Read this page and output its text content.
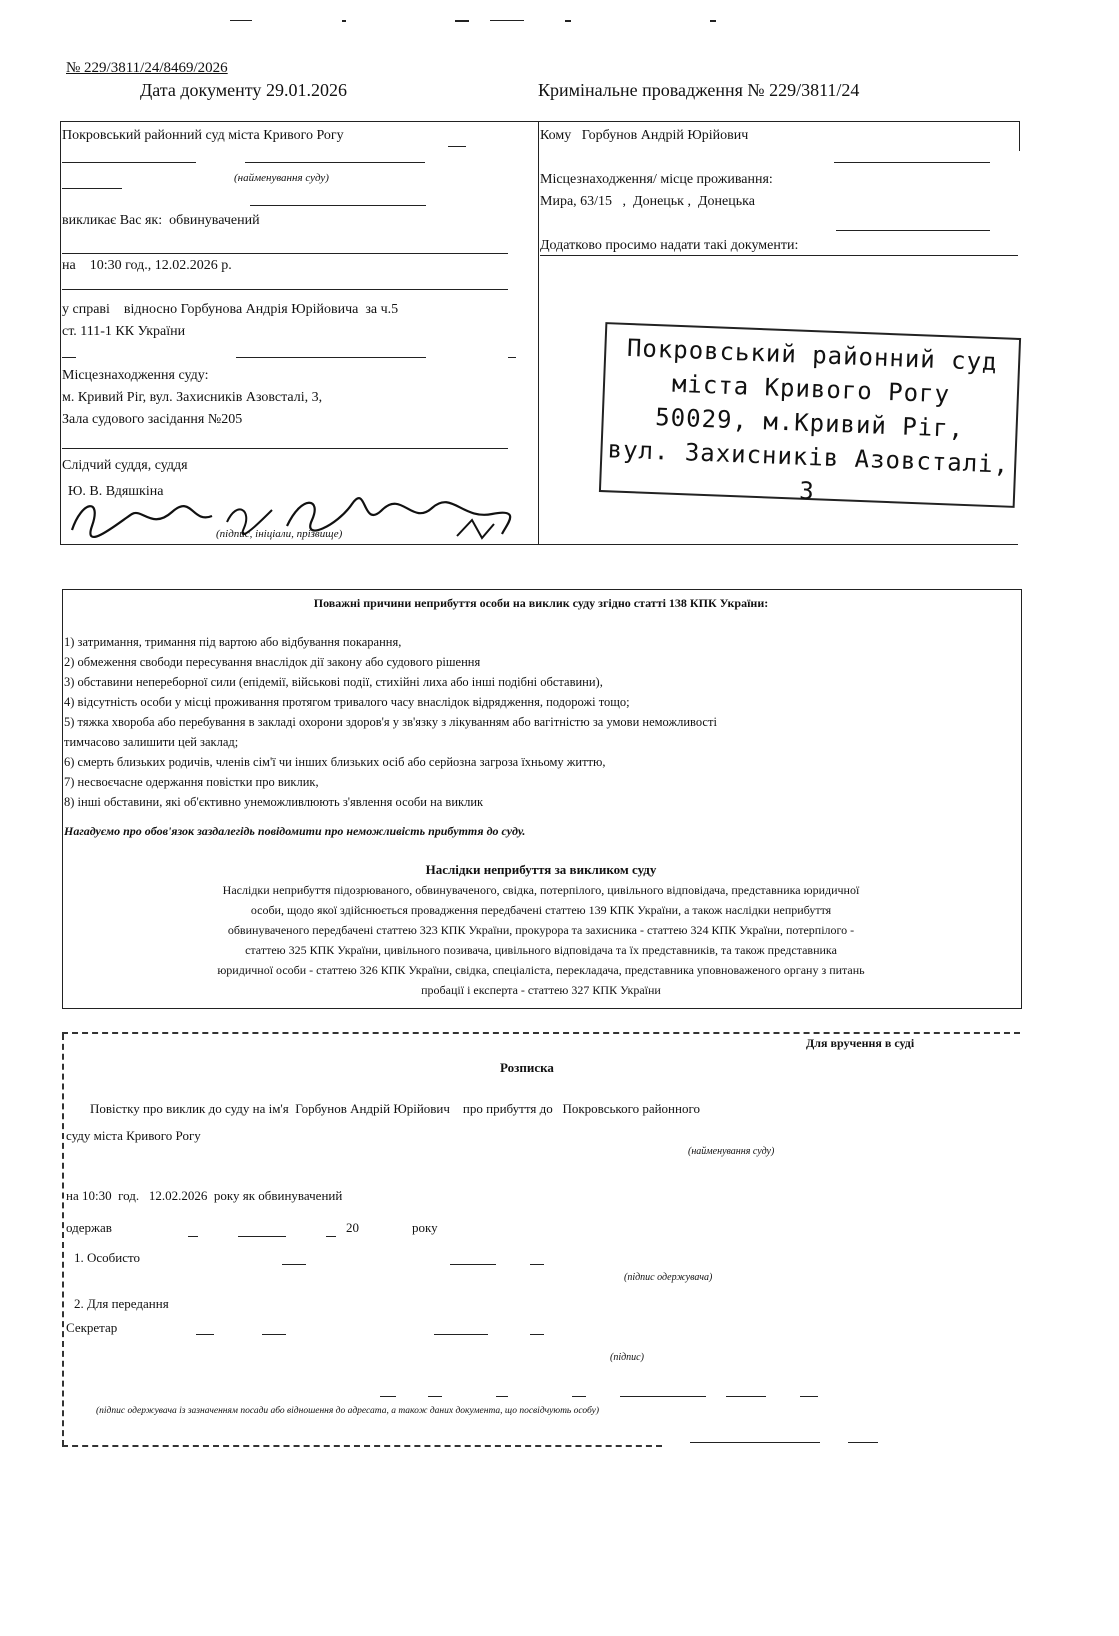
№ 229/3811/24/8469/2026
Дата документу 29.01.2026	Кримінальне провадження № 229/3811/24
Покровський районний суд міста Кривого Рогу
(найменування суду)
викликає Вас як: обвинувачений
на 10:30 год., 12.02.2026 р.
у справі    відносно Горбунова Андрія Юрійовича  за ч.5
ст. 111-1 КК України
Місцезнаходження суду:
м. Кривий Ріг, вул. Захисників Азовсталі, 3,
Зала судового засідання №205
Слідчий суддя, суддя
Ю. В. Вдяшкіна
(підпис, ініціали, прізвище)
Кому Горбунов Андрій Юрійович
Місцезнаходження/ місце проживання:
Мира, 63/15   ,  Донецьк ,  Донецька
Додатково просимо надати такі документи:
Покровський районний суд
міста Кривого Рогу
50029, м.Кривий Ріг,
вул. Захисників Азовсталі, 3
Поважні причини неприбуття особи на виклик суду згідно статті 138 КПК України:
1) затримання, тримання під вартою або відбування покарання,
2) обмеження свободи пересування внаслідок дії закону або судового рішення
3) обставини непереборної сили (епідемії, військові події, стихійні лиха або інші подібні обставини),
4) відсутність особи у місці проживання протягом тривалого часу внаслідок відрядження, подорожі тощо;
5) тяжка хвороба або перебування в закладі охорони здоров'я у зв'язку з лікуванням або вагітністю за умови неможливості
тимчасово залишити цей заклад;
6) смерть близьких родичів, членів сім'ї чи інших близьких осіб або серйозна загроза їхньому життю,
7) несвоєчасне одержання повістки про виклик,
8) інші обставини, які об'єктивно унеможливлюють з'явлення особи на виклик
Нагадуємо про обов'язок заздалегідь повідомити про неможливість прибуття до суду.
Наслідки неприбуття за викликом суду
Наслідки неприбуття підозрюваного, обвинуваченого, свідка, потерпілого, цивільного відповідача, представника юридичної
особи, щодо якої здійснюється провадження передбачені статтею 139 КПК України, а також наслідки неприбуття
обвинуваченого передбачені статтею 323 КПК України, прокурора та захисника - статтею 324 КПК України, потерпілого -
статтею 325 КПК України, цивільного позивача, цивільного відповідача та їх представників, та також представника
юридичної особи - статтею 326 КПК України, свідка, спеціаліста, перекладача, представника уповноваженого органу з питань
пробації і експерта - статтею 327 КПК України
Для вручення в суді
Розписка
Повістку про виклик до суду на ім'я  Горбунов Андрій Юрійович    про прибуття до   Покровського районного
суду міста Кривого Рогу
(найменування суду)
на 10:30  год.   12.02.2026  року як обвинувачений
одержав	20	року
1. Особисто
(підпис одержувача)
2. Для передання
Секретар
(підпис)
(підпис одержувача із зазначенням посади або відношення до адресата, а також даних документа, що посвідчують особу)
